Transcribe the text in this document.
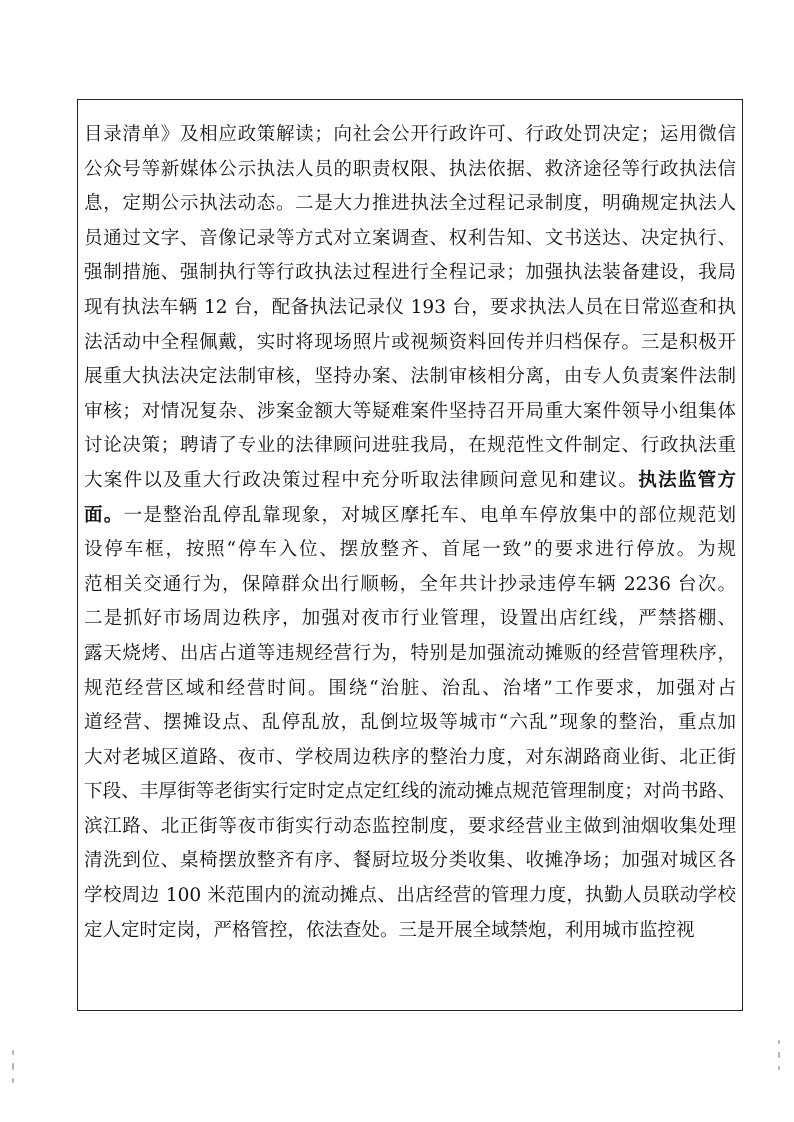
目录清单》及相应政策解读；向社会公开行政许可、行政处罚决定；运用微信
公众号等新媒体公示执法人员的职责权限、执法依据、救济途径等行政执法信
息，定期公示执法动态。二是大力推进执法全过程记录制度，明确规定执法人
员通过文字、音像记录等方式对立案调查、权利告知、文书送达、决定执行、
强制措施、强制执行等行政执法过程进行全程记录；加强执法装备建设，我局
现有执法车辆 12 台，配备执法记录仪 193 台，要求执法人员在日常巡查和执
法活动中全程佩戴，实时将现场照片或视频资料回传并归档保存。三是积极开
展重大执法决定法制审核，坚持办案、法制审核相分离，由专人负责案件法制
审核；对情况复杂、涉案金额大等疑难案件坚持召开局重大案件领导小组集体
讨论决策；聘请了专业的法律顾问进驻我局，在规范性文件制定、行政执法重
大案件以及重大行政决策过程中充分听取法律顾问意见和建议。执法监管方
面。一是整治乱停乱靠现象，对城区摩托车、电单车停放集中的部位规范划
设停车框，按照“停车入位、摆放整齐、首尾一致”的要求进行停放。为规
范相关交通行为，保障群众出行顺畅，全年共计抄录违停车辆 2236 台次。
二是抓好市场周边秩序，加强对夜市行业管理，设置出店红线，严禁搭棚、
露天烧烤、出店占道等违规经营行为，特别是加强流动摊贩的经营管理秩序，
规范经营区域和经营时间。围绕“治脏、治乱、治堵”工作要求，加强对占
道经营、摆摊设点、乱停乱放，乱倒垃圾等城市“六乱”现象的整治，重点加
大对老城区道路、夜市、学校周边秩序的整治力度，对东湖路商业街、北正街
下段、丰厚街等老街实行定时定点定红线的流动摊点规范管理制度；对尚书路、
滨江路、北正街等夜市街实行动态监控制度，要求经营业主做到油烟收集处理
清洗到位、桌椅摆放整齐有序、餐厨垃圾分类收集、收摊净场；加强对城区各
学校周边 100 米范围内的流动摊点、出店经营的管理力度，执勤人员联动学校
定人定时定岗，严格管控，依法查处。三是开展全域禁炮，利用城市监控视
